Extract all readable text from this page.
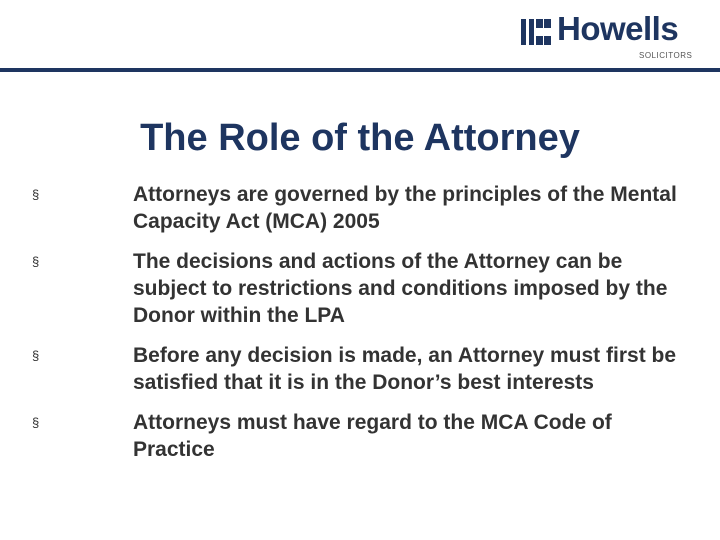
Howells
SOLICITORS
The Role of the Attorney
§	Attorneys are governed by the principles of the Mental Capacity Act (MCA) 2005
§	The decisions and actions of the Attorney can be subject to restrictions and conditions imposed by the Donor within the LPA
§	Before any decision is made, an Attorney must first be satisfied that it is in the Donor’s best interests
§	Attorneys must have regard to the MCA Code of Practice
